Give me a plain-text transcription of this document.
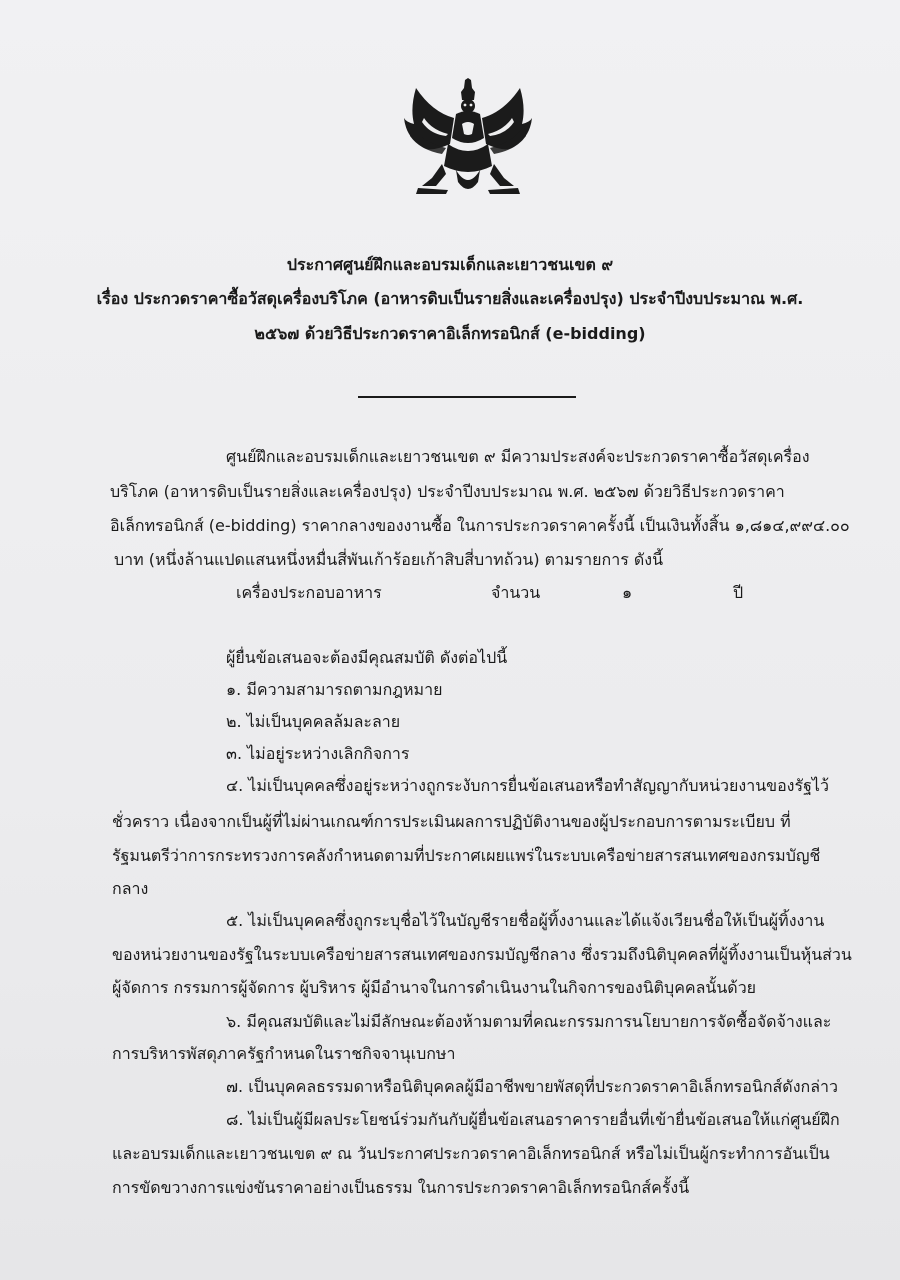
ประกาศศูนย์ฝึกและอบรมเด็กและเยาวชนเขต ๙
เรื่อง ประกวดราคาซื้อวัสดุเครื่องบริโภค (อาหารดิบเป็นรายสิ่งและเครื่องปรุง) ประจำปีงบประมาณ พ.ศ.
๒๕๖๗ ด้วยวิธีประกวดราคาอิเล็กทรอนิกส์ (e-bidding)
ศูนย์ฝึกและอบรมเด็กและเยาวชนเขต ๙ มีความประสงค์จะประกวดราคาซื้อวัสดุเครื่อง
บริโภค (อาหารดิบเป็นรายสิ่งและเครื่องปรุง) ประจำปีงบประมาณ พ.ศ. ๒๕๖๗ ด้วยวิธีประกวดราคา
อิเล็กทรอนิกส์ (e-bidding) ราคากลางของงานซื้อ ในการประกวดราคาครั้งนี้ เป็นเงินทั้งสิ้น ๑,๘๑๔,๙๙๔.๐๐
บาท (หนึ่งล้านแปดแสนหนึ่งหมื่นสี่พันเก้าร้อยเก้าสิบสี่บาทถ้วน) ตามรายการ ดังนี้
เครื่องประกอบอาหาร	จำนวน	๑	ปี
ผู้ยื่นข้อเสนอจะต้องมีคุณสมบัติ ดังต่อไปนี้
๑. มีความสามารถตามกฎหมาย
๒. ไม่เป็นบุคคลล้มละลาย
๓. ไม่อยู่ระหว่างเลิกกิจการ
๔. ไม่เป็นบุคคลซึ่งอยู่ระหว่างถูกระงับการยื่นข้อเสนอหรือทำสัญญากับหน่วยงานของรัฐไว้
ชั่วคราว เนื่องจากเป็นผู้ที่ไม่ผ่านเกณฑ์การประเมินผลการปฏิบัติงานของผู้ประกอบการตามระเบียบ ที่
รัฐมนตรีว่าการกระทรวงการคลังกำหนดตามที่ประกาศเผยแพร่ในระบบเครือข่ายสารสนเทศของกรมบัญชี
กลาง
๕. ไม่เป็นบุคคลซึ่งถูกระบุชื่อไว้ในบัญชีรายชื่อผู้ทิ้งงานและได้แจ้งเวียนชื่อให้เป็นผู้ทิ้งงาน
ของหน่วยงานของรัฐในระบบเครือข่ายสารสนเทศของกรมบัญชีกลาง ซึ่งรวมถึงนิติบุคคลที่ผู้ทิ้งงานเป็นหุ้นส่วน
ผู้จัดการ กรรมการผู้จัดการ ผู้บริหาร ผู้มีอำนาจในการดำเนินงานในกิจการของนิติบุคคลนั้นด้วย
๖. มีคุณสมบัติและไม่มีลักษณะต้องห้ามตามที่คณะกรรมการนโยบายการจัดซื้อจัดจ้างและ
การบริหารพัสดุภาครัฐกำหนดในราชกิจจานุเบกษา
๗. เป็นบุคคลธรรมดาหรือนิติบุคคลผู้มีอาชีพขายพัสดุที่ประกวดราคาอิเล็กทรอนิกส์ดังกล่าว
๘. ไม่เป็นผู้มีผลประโยชน์ร่วมกันกับผู้ยื่นข้อเสนอราคารายอื่นที่เข้ายื่นข้อเสนอให้แก่ศูนย์ฝึก
และอบรมเด็กและเยาวชนเขต ๙ ณ วันประกาศประกวดราคาอิเล็กทรอนิกส์ หรือไม่เป็นผู้กระทำการอันเป็น
การขัดขวางการแข่งขันราคาอย่างเป็นธรรม ในการประกวดราคาอิเล็กทรอนิกส์ครั้งนี้
